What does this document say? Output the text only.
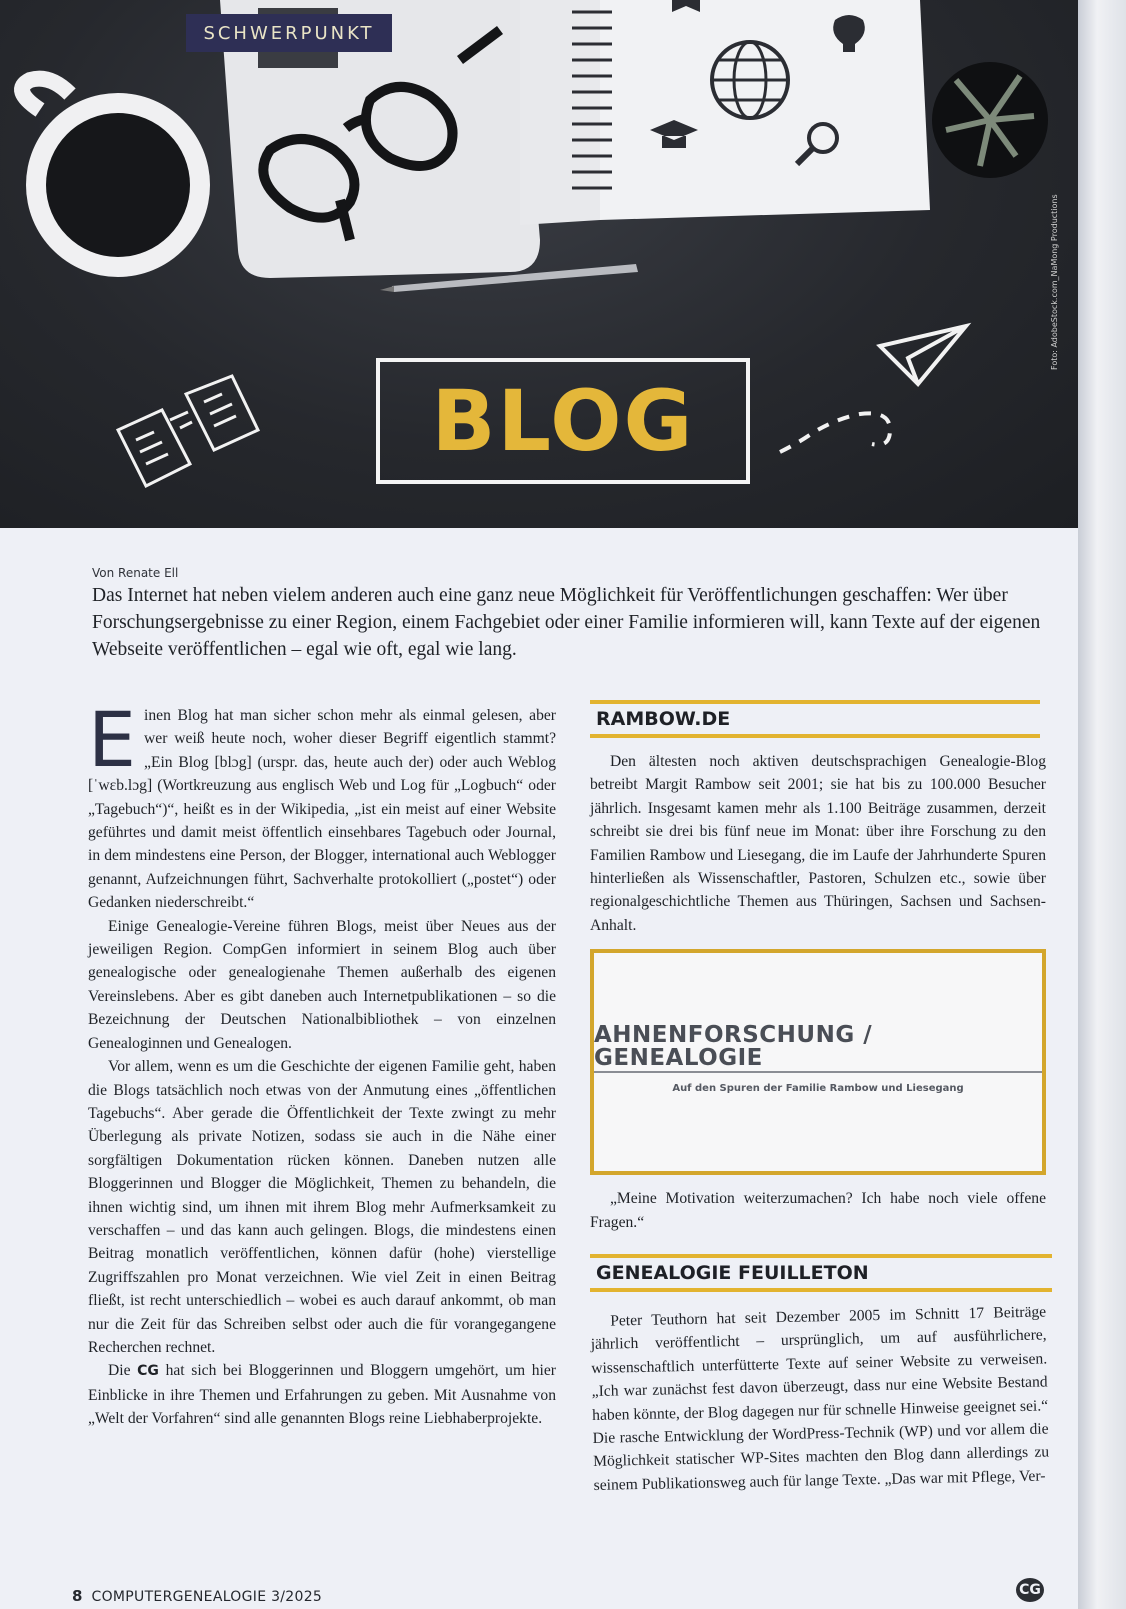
SCHWERPUNKT
BLOG
Foto: AdobeStock.com_NaMong Productions
Von Renate Ell
Das Internet hat neben vielem anderen auch eine ganz neue Möglichkeit für Veröffentlichungen geschaffen: Wer über Forschungsergebnisse zu einer Region, einem Fachgebiet oder einer Familie informieren will, kann Texte auf der eigenen Webseite veröffentlichen – egal wie oft, egal wie lang.

Einen Blog hat man sicher schon mehr als einmal gelesen, aber wer weiß heute noch, woher dieser Begriff eigentlich stammt? „Ein Blog [blɔg] (urspr. das, heute auch der) oder auch Weblog [ˈwɛb.lɔg] (Wortkreuzung aus englisch Web und Log für „Logbuch“ oder „Tagebuch“)“, heißt es in der Wikipedia, „ist ein meist auf einer Website geführtes und damit meist öffentlich einsehbares Tagebuch oder Journal, in dem mindestens eine Person, der Blogger, international auch Weblogger genannt, Aufzeichnungen führt, Sachverhalte protokolliert („postet“) oder Gedanken niederschreibt.“

Einige Genealogie-Vereine führen Blogs, meist über Neues aus der jeweiligen Region. CompGen informiert in seinem Blog auch über genealogische oder genealogienahe Themen außerhalb des eigenen Vereinslebens. Aber es gibt daneben auch Internetpublikationen – so die Bezeichnung der Deutschen Nationalbibliothek – von einzelnen Genealoginnen und Genealogen.

Vor allem, wenn es um die Geschichte der eigenen Familie geht, haben die Blogs tatsächlich noch etwas von der Anmutung eines „öffentlichen Tagebuchs“. Aber gerade die Öffentlichkeit der Texte zwingt zu mehr Überlegung als private Notizen, sodass sie auch in die Nähe einer sorgfältigen Dokumentation rücken können. Daneben nutzen alle Bloggerinnen und Blogger die Möglichkeit, Themen zu behandeln, die ihnen wichtig sind, um ihnen mit ihrem Blog mehr Aufmerksamkeit zu verschaffen – und das kann auch gelingen. Blogs, die mindestens einen Beitrag monatlich veröffentlichen, können dafür (hohe) vierstellige Zugriffszahlen pro Monat verzeichnen. Wie viel Zeit in einen Beitrag fließt, ist recht unterschiedlich – wobei es auch darauf ankommt, ob man nur die Zeit für das Schreiben selbst oder auch die für vorangegangene Recherchen rechnet.

Die CG hat sich bei Bloggerinnen und Bloggern umgehört, um hier Einblicke in ihre Themen und Erfahrungen zu geben. Mit Ausnahme von „Welt der Vorfahren“ sind alle genannten Blogs reine Liebhaberprojekte.

RAMBOW.DE

Den ältesten noch aktiven deutschsprachigen Genealogie-Blog betreibt Margit Rambow seit 2001; sie hat bis zu 100.000 Besucher jährlich. Insgesamt kamen mehr als 1.100 Beiträge zusammen, derzeit schreibt sie drei bis fünf neue im Monat: über ihre Forschung zu den Familien Rambow und Liesegang, die im Laufe der Jahrhunderte Spuren hinterließen als Wissenschaftler, Pastoren, Schulzen etc., sowie über regionalgeschichtliche Themen aus Thüringen, Sachsen und Sachsen-Anhalt.

AHNENFORSCHUNG / GENEALOGIE
Auf den Spuren der Familie Rambow und Liesegang

„Meine Motivation weiterzumachen? Ich habe noch viele offene Fragen.“

GENEALOGIE FEUILLETON

Peter Teuthorn hat seit Dezember 2005 im Schnitt 17 Beiträge jährlich veröffentlicht – ursprünglich, um auf ausführlichere, wissenschaftlich unterfütterte Texte auf seiner Website zu verweisen. „Ich war zunächst fest davon überzeugt, dass nur eine Website Bestand haben könnte, der Blog dagegen nur für schnelle Hinweise geeignet sei.“ Die rasche Entwicklung der WordPress-Technik (WP) und vor allem die Möglichkeit statischer WP-Sites machten den Blog dann allerdings zu seinem Publikationsweg auch für lange Texte. „Das war mit Pflege, Ver-

8 COMPUTERGENEALOGIE 3/2025	CG
